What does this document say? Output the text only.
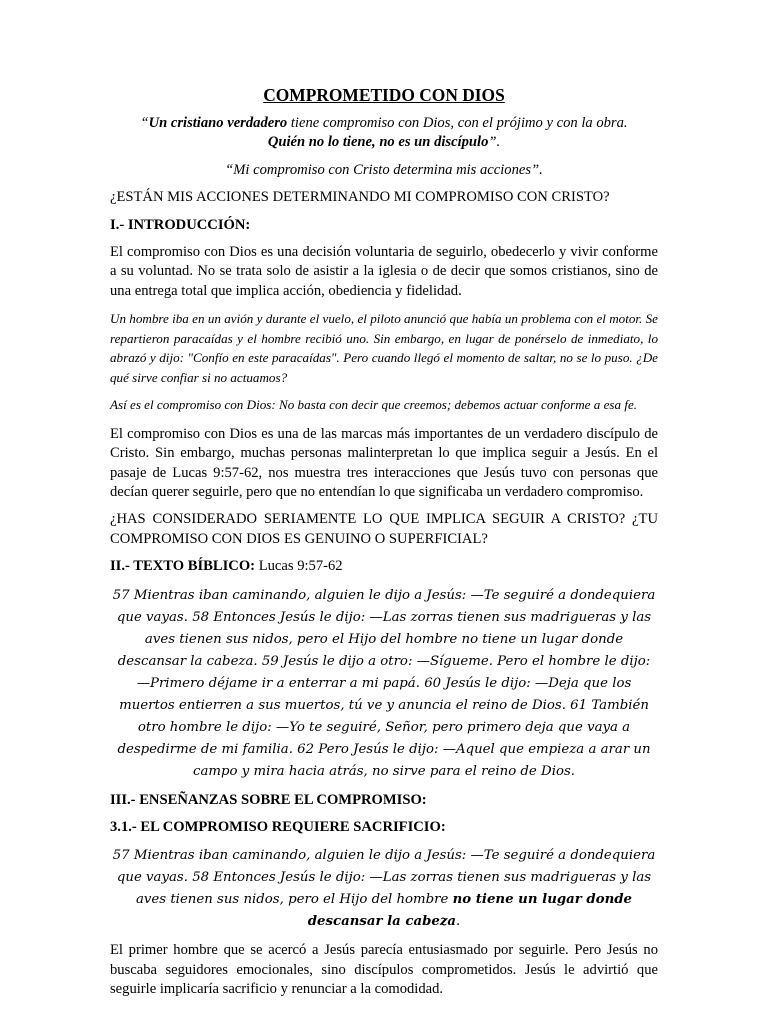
COMPROMETIDO CON DIOS

“Un cristiano verdadero tiene compromiso con Dios, con el prójimo y con la obra.
Quién no lo tiene, no es un discípulo”.

“Mi compromiso con Cristo determina mis acciones”.

¿ESTÁN MIS ACCIONES DETERMINANDO MI COMPROMISO CON CRISTO?

I.- INTRODUCCIÓN:

El compromiso con Dios es una decisión voluntaria de seguirlo, obedecerlo y vivir conforme a su voluntad. No se trata solo de asistir a la iglesia o de decir que somos cristianos, sino de una entrega total que implica acción, obediencia y fidelidad.

Un hombre iba en un avión y durante el vuelo, el piloto anunció que había un problema con el motor. Se repartieron paracaídas y el hombre recibió uno. Sin embargo, en lugar de ponérselo de inmediato, lo abrazó y dijo: "Confío en este paracaídas". Pero cuando llegó el momento de saltar, no se lo puso. ¿De qué sirve confiar si no actuamos?

Así es el compromiso con Dios: No basta con decir que creemos; debemos actuar conforme a esa fe.

El compromiso con Dios es una de las marcas más importantes de un verdadero discípulo de Cristo. Sin embargo, muchas personas malinterpretan lo que implica seguir a Jesús. En el pasaje de Lucas 9:57-62, nos muestra tres interacciones que Jesús tuvo con personas que decían querer seguirle, pero que no entendían lo que significaba un verdadero compromiso.

¿HAS CONSIDERADO SERIAMENTE LO QUE IMPLICA SEGUIR A CRISTO? ¿TU COMPROMISO CON DIOS ES GENUINO O SUPERFICIAL?

II.- TEXTO BÍBLICO: Lucas 9:57-62

57 Mientras iban caminando, alguien le dijo a Jesús: —Te seguiré a dondequiera que vayas. 58 Entonces Jesús le dijo: —Las zorras tienen sus madrigueras y las aves tienen sus nidos, pero el Hijo del hombre no tiene un lugar donde descansar la cabeza. 59 Jesús le dijo a otro: —Sígueme. Pero el hombre le dijo: —Primero déjame ir a enterrar a mi papá. 60 Jesús le dijo: —Deja que los muertos entierren a sus muertos, tú ve y anuncia el reino de Dios. 61 También otro hombre le dijo: —Yo te seguiré, Señor, pero primero deja que vaya a despedirme de mi familia. 62 Pero Jesús le dijo: —Aquel que empieza a arar un campo y mira hacia atrás, no sirve para el reino de Dios.

III.- ENSEÑANZAS SOBRE EL COMPROMISO:

3.1.- EL COMPROMISO REQUIERE SACRIFICIO:

57 Mientras iban caminando, alguien le dijo a Jesús: —Te seguiré a dondequiera que vayas. 58 Entonces Jesús le dijo: —Las zorras tienen sus madrigueras y las aves tienen sus nidos, pero el Hijo del hombre no tiene un lugar donde descansar la cabeza.

El primer hombre que se acercó a Jesús parecía entusiasmado por seguirle. Pero Jesús no buscaba seguidores emocionales, sino discípulos comprometidos. Jesús le advirtió que seguirle implicaría sacrificio y renunciar a la comodidad.
